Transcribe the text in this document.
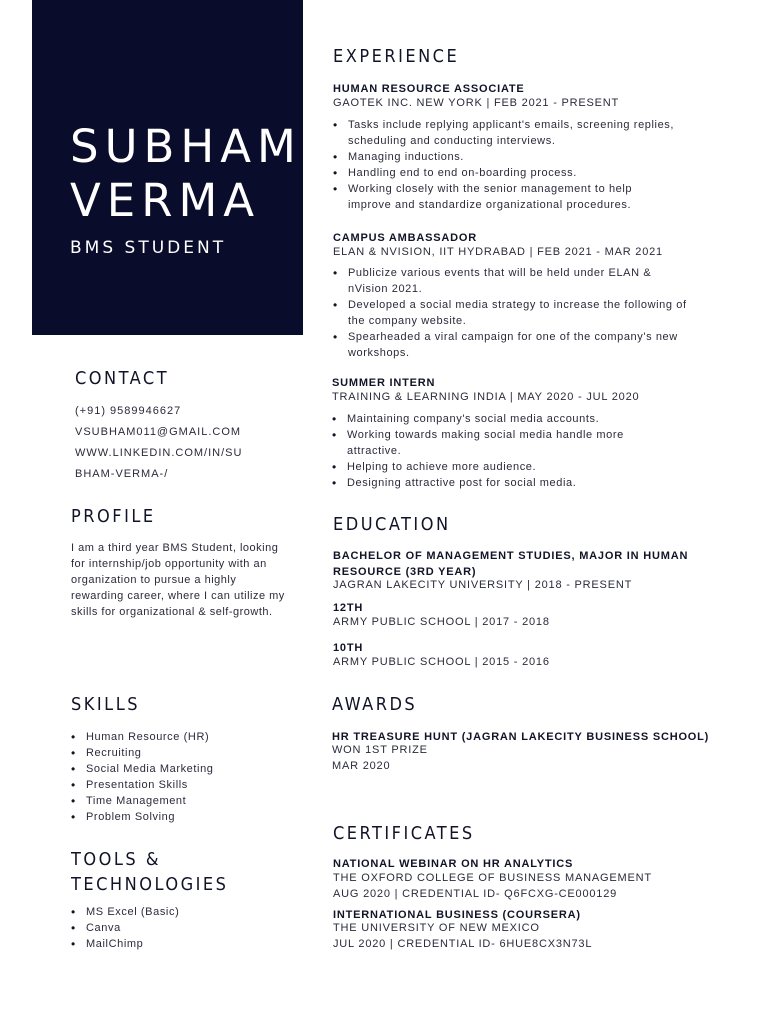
SUBHAM
VERMA
BMS STUDENT
CONTACT
(+91) 9589946627
VSUBHAM011@GMAIL.COM
WWW.LINKEDIN.COM/IN/SU
BHAM-VERMA-/
PROFILE
I am a third year BMS Student, looking for internship/job opportunity with an organization to pursue a highly rewarding career, where I can utilize my skills for organizational & self-growth.
SKILLS
• Human Resource (HR)
• Recruiting
• Social Media Marketing
• Presentation Skills
• Time Management
• Problem Solving
TOOLS &
TECHNOLOGIES
• MS Excel (Basic)
• Canva
• MailChimp
EXPERIENCE
HUMAN RESOURCE ASSOCIATE
GAOTEK INC. NEW YORK | FEB 2021 - PRESENT
• Tasks include replying applicant's emails, screening replies, scheduling and conducting interviews.
• Managing inductions.
• Handling end to end on-boarding process.
• Working closely with the senior management to help improve and standardize organizational procedures.
CAMPUS AMBASSADOR
ELAN & NVISION, IIT HYDRABAD | FEB 2021 - MAR 2021
• Publicize various events that will be held under ELAN & nVision 2021.
• Developed a social media strategy to increase the following of the company website.
• Spearheaded a viral campaign for one of the company's new workshops.
SUMMER INTERN
TRAINING & LEARNING INDIA | MAY 2020 - JUL 2020
• Maintaining company's social media accounts.
• Working towards making social media handle more attractive.
• Helping to achieve more audience.
• Designing attractive post for social media.
EDUCATION
BACHELOR OF MANAGEMENT STUDIES, MAJOR IN HUMAN
RESOURCE (3RD YEAR)
JAGRAN LAKECITY UNIVERSITY | 2018 - PRESENT
12TH
ARMY PUBLIC SCHOOL | 2017 - 2018
10TH
ARMY PUBLIC SCHOOL | 2015 - 2016
AWARDS
HR TREASURE HUNT (JAGRAN LAKECITY BUSINESS SCHOOL)
WON 1ST PRIZE
MAR 2020
CERTIFICATES
NATIONAL WEBINAR ON HR ANALYTICS
THE OXFORD COLLEGE OF BUSINESS MANAGEMENT
AUG 2020 | CREDENTIAL ID- Q6FCXG-CE000129
INTERNATIONAL BUSINESS (COURSERA)
THE UNIVERSITY OF NEW MEXICO
JUL 2020 | CREDENTIAL ID- 6HUE8CX3N73L
